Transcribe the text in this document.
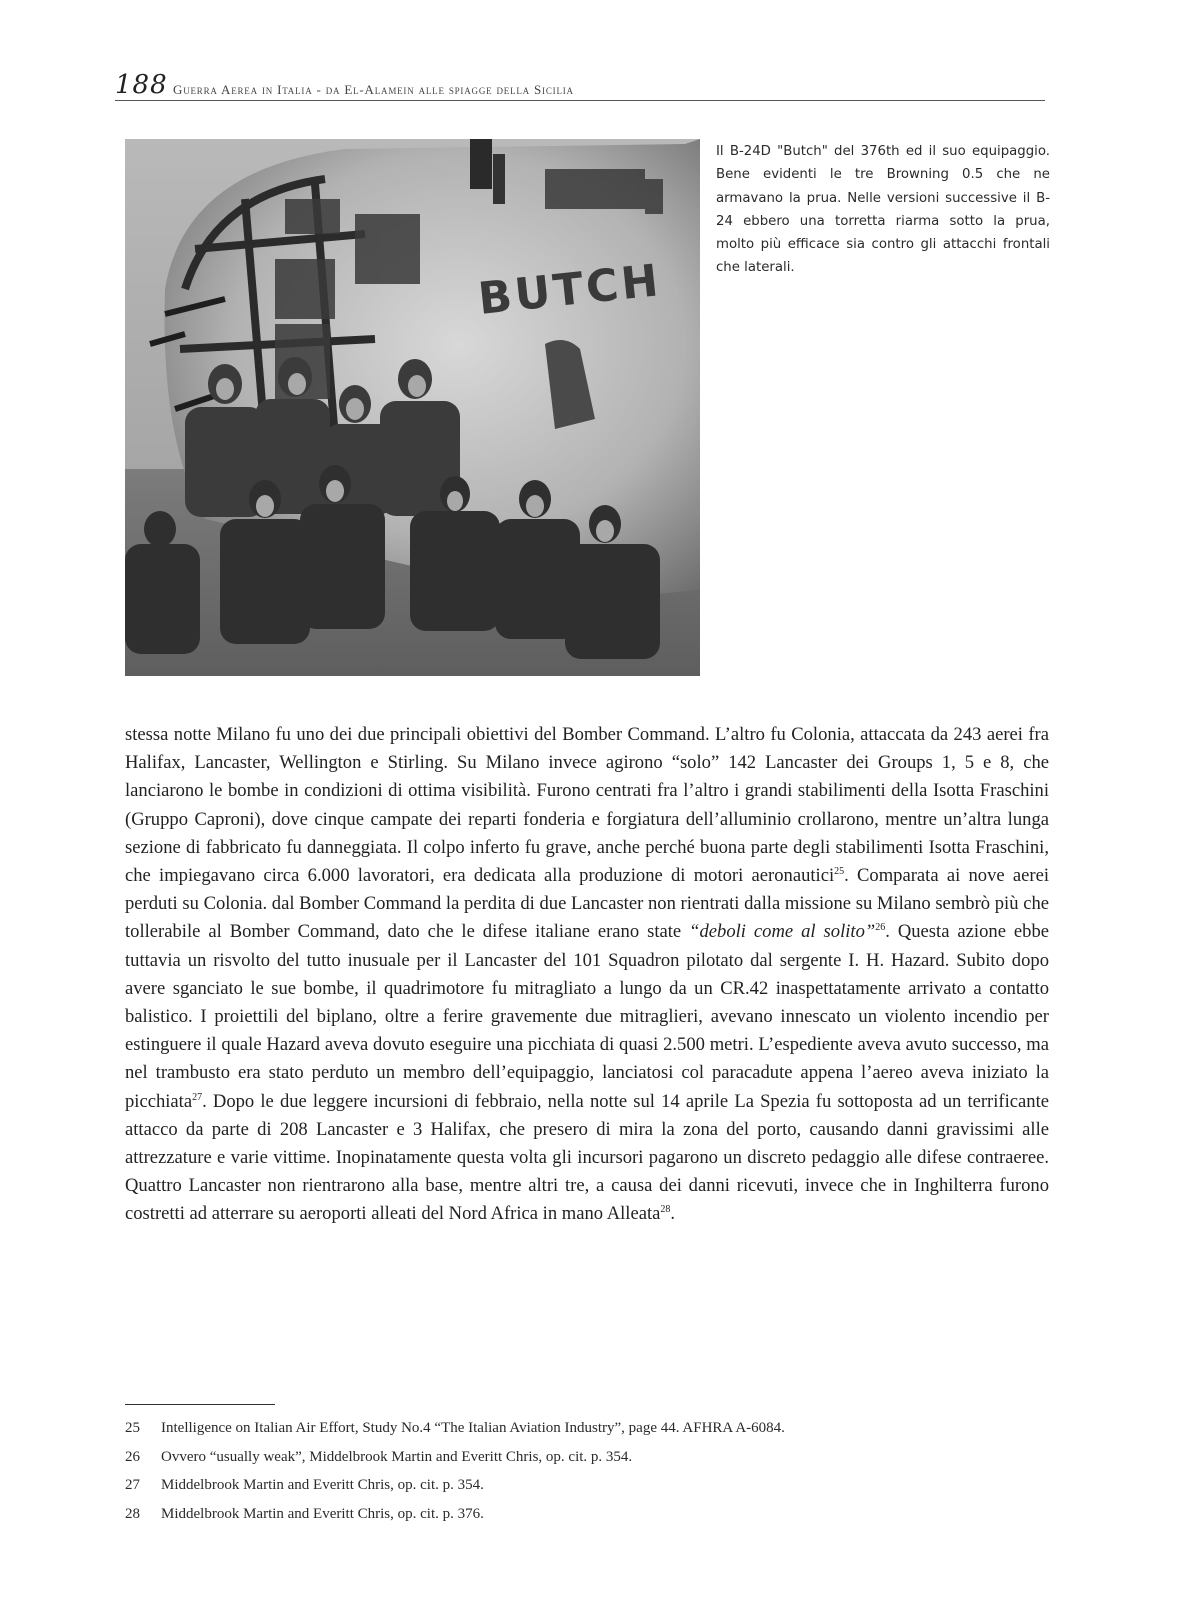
188 Guerra Aerea in Italia - da El-Alamein alle spiagge della Sicilia
BUTCH
Il B-24D "Butch" del 376th ed il suo equipaggio. Bene evidenti le tre Browning 0.5 che ne armavano la prua. Nelle versioni successive il B-24 ebbero una torretta riarma sotto la prua, molto più efficace sia contro gli attacchi frontali che laterali.

stessa notte Milano fu uno dei due principali obiettivi del Bomber Command. L’altro fu Colonia, attaccata da 243 aerei fra Halifax, Lancaster, Wellington e Stirling. Su Milano invece agirono “solo” 142 Lancaster dei Groups 1, 5 e 8, che lanciarono le bombe in condizioni di ottima visibilità. Furono centrati fra l’altro i grandi stabilimenti della Isotta Fraschini (Gruppo Caproni), dove cinque campate dei reparti fonderia e forgiatura dell’alluminio crollarono, mentre un’altra lunga sezione di fabbricato fu danneggiata. Il colpo inferto fu grave, anche perché buona parte degli stabilimenti Isotta Fraschini, che impiegavano circa 6.000 lavoratori, era dedicata alla produzione di motori aeronautici$^{25}$. Comparata ai nove aerei perduti su Colonia. dal Bomber Command la perdita di due Lancaster non rientrati dalla missione su Milano sembrò più che tollerabile al Bomber Command, dato che le difese italiane erano state “deboli come al solito”$^{26}$. Questa azione ebbe tuttavia un risvolto del tutto inusuale per il Lancaster del 101 Squadron pilotato dal sergente I. H. Hazard. Subito dopo avere sganciato le sue bombe, il quadrimotore fu mitragliato a lungo da un CR.42 inaspettatamente arrivato a contatto balistico. I proiettili del biplano, oltre a ferire gravemente due mitraglieri, avevano innescato un violento incendio per estinguere il quale Hazard aveva dovuto eseguire una picchiata di quasi 2.500 metri. L’espediente aveva avuto successo, ma nel trambusto era stato perduto un membro dell’equipaggio, lanciatosi col paracadute appena l’aereo aveva iniziato la picchiata$^{27}$. Dopo le due leggere incursioni di febbraio, nella notte sul 14 aprile La Spezia fu sottoposta ad un terrificante attacco da parte di 208 Lancaster e 3 Halifax, che presero di mira la zona del porto, causando danni gravissimi alle attrezzature e varie vittime. Inopinatamente questa volta gli incursori pagarono un discreto pedaggio alle difese contraeree. Quattro Lancaster non rientrarono alla base, mentre altri tre, a causa dei danni ricevuti, invece che in Inghilterra furono costretti ad atterrare su aeroporti alleati del Nord Africa in mano Alleata$^{28}$.

25	Intelligence on Italian Air Effort, Study No.4 “The Italian Aviation Industry”, page 44. AFHRA A-6084.
26	Ovvero “usually weak”, Middelbrook Martin and Everitt Chris, op. cit. p. 354.
27	Middelbrook Martin and Everitt Chris, op. cit. p. 354.
28	Middelbrook Martin and Everitt Chris, op. cit. p. 376.
